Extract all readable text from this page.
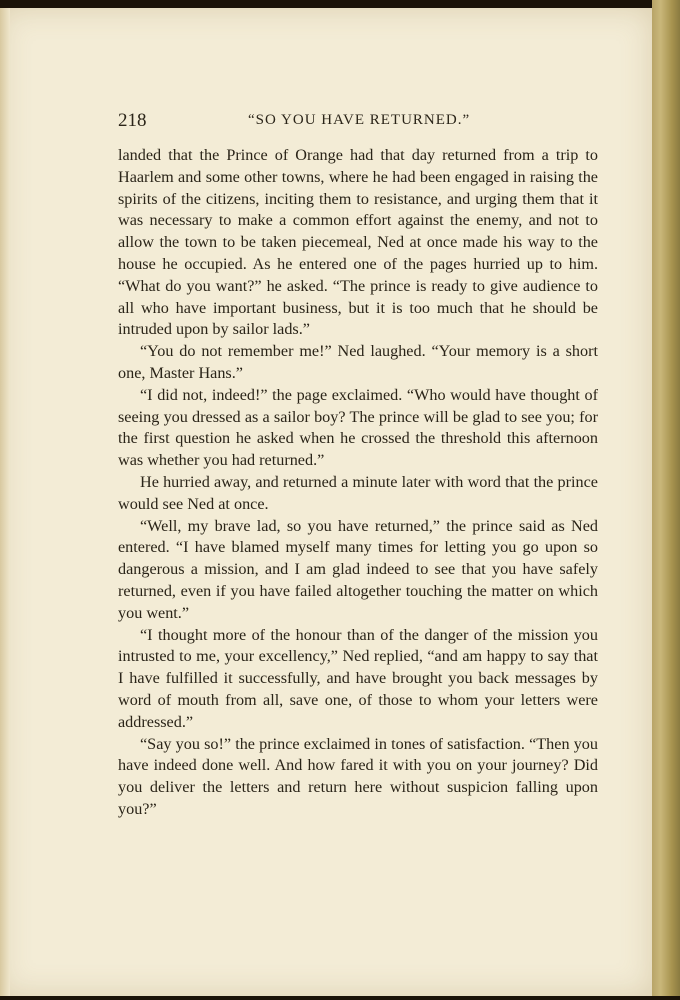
218	“SO YOU HAVE RETURNED.”

landed that the Prince of Orange had that day returned from a trip to Haarlem and some other towns, where he had been engaged in raising the spirits of the citizens, inciting them to resistance, and urging them that it was necessary to make a common effort against the enemy, and not to allow the town to be taken piecemeal, Ned at once made his way to the house he occupied. As he entered one of the pages hurried up to him. “What do you want?” he asked. “The prince is ready to give audience to all who have important business, but it is too much that he should be intruded upon by sailor lads.”

“You do not remember me!” Ned laughed. “Your memory is a short one, Master Hans.”

“I did not, indeed!” the page exclaimed. “Who would have thought of seeing you dressed as a sailor boy? The prince will be glad to see you; for the first question he asked when he crossed the threshold this afternoon was whether you had returned.”

He hurried away, and returned a minute later with word that the prince would see Ned at once.

“Well, my brave lad, so you have returned,” the prince said as Ned entered. “I have blamed myself many times for letting you go upon so dangerous a mission, and I am glad indeed to see that you have safely returned, even if you have failed altogether touching the matter on which you went.”

“I thought more of the honour than of the danger of the mission you intrusted to me, your excellency,” Ned replied, “and am happy to say that I have fulfilled it successfully, and have brought you back messages by word of mouth from all, save one, of those to whom your letters were addressed.”

“Say you so!” the prince exclaimed in tones of satisfaction. “Then you have indeed done well. And how fared it with you on your journey? Did you deliver the letters and return here without suspicion falling upon you?”
